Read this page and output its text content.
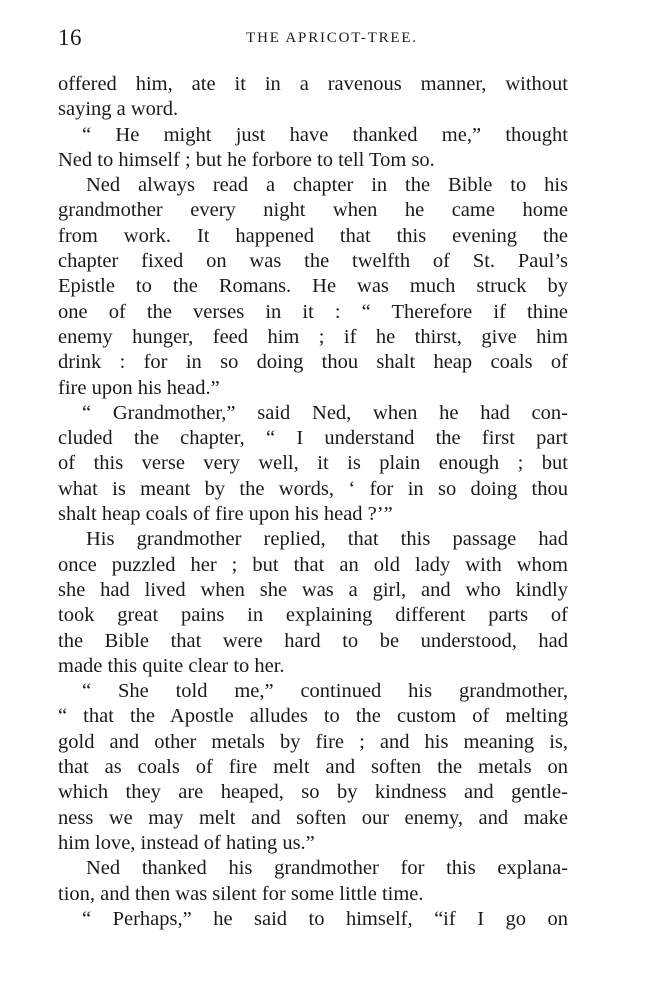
16	THE APRICOT-TREE.
offered him, ate it in a ravenous manner, without
saying a word.
“ He might just have thanked me,” thought
Ned to himself ; but he forbore to tell Tom so.
Ned always read a chapter in the Bible to his
grandmother every night when he came home
from work. It happened that this evening the
chapter fixed on was the twelfth of St. Paul’s
Epistle to the Romans. He was much struck by
one of the verses in it : “ Therefore if thine
enemy hunger, feed him ; if he thirst, give him
drink : for in so doing thou shalt heap coals of
fire upon his head.”
“ Grandmother,” said Ned, when he had con-
cluded the chapter, “ I understand the first part
of this verse very well, it is plain enough ; but
what is meant by the words, ‘ for in so doing thou
shalt heap coals of fire upon his head ?’”
His grandmother replied, that this passage had
once puzzled her ; but that an old lady with whom
she had lived when she was a girl, and who kindly
took great pains in explaining different parts of
the Bible that were hard to be understood, had
made this quite clear to her.
“ She told me,” continued his grandmother,
“ that the Apostle alludes to the custom of melting
gold and other metals by fire ; and his meaning is,
that as coals of fire melt and soften the metals on
which they are heaped, so by kindness and gentle-
ness we may melt and soften our enemy, and make
him love, instead of hating us.”
Ned thanked his grandmother for this explana-
tion, and then was silent for some little time.
“ Perhaps,” he said to himself, “if I go on
